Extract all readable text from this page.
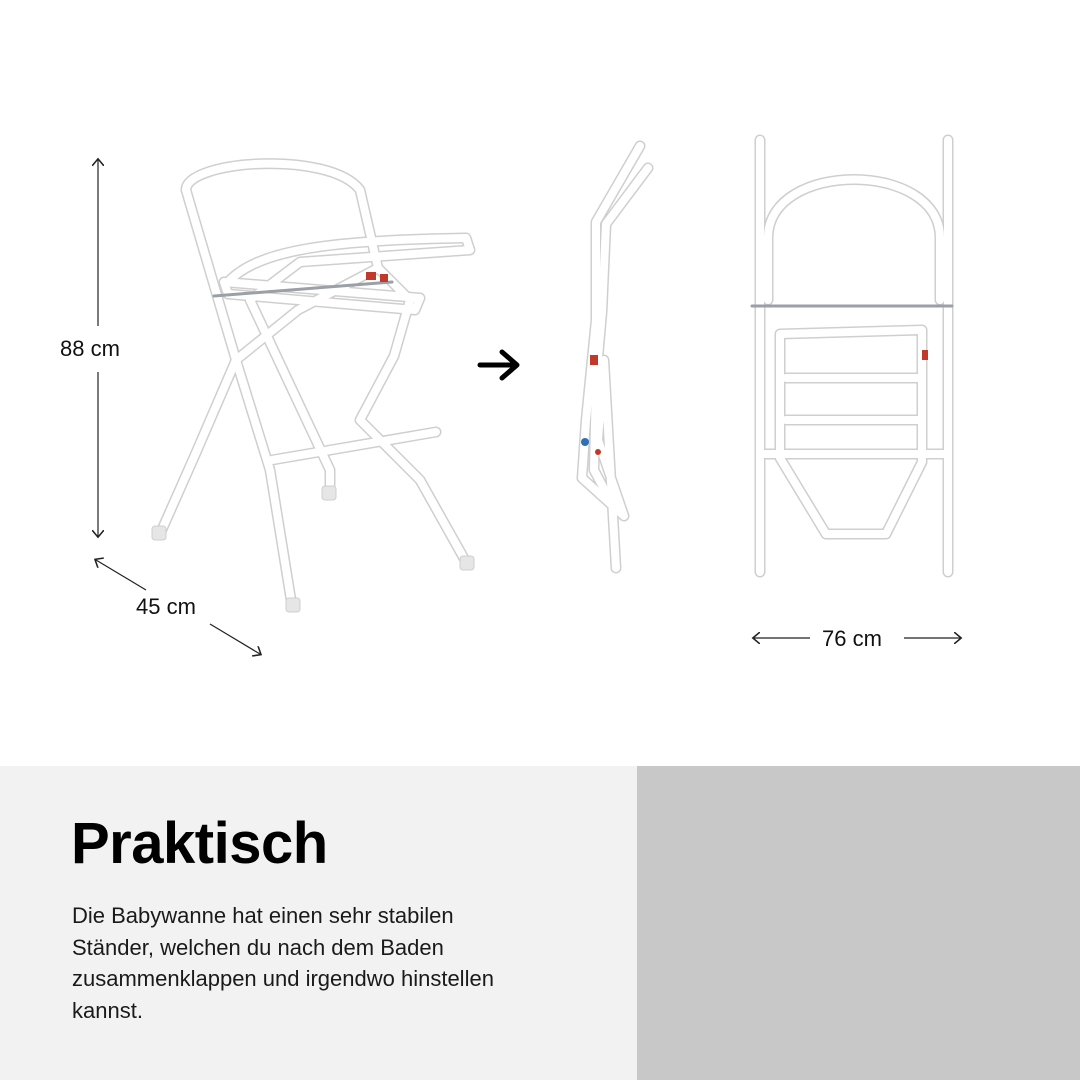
88 cm
45 cm
76 cm
Praktisch

Die Babywanne hat einen sehr stabilen Ständer, welchen du nach dem Baden zusammenklappen und irgendwo hinstellen kannst.
